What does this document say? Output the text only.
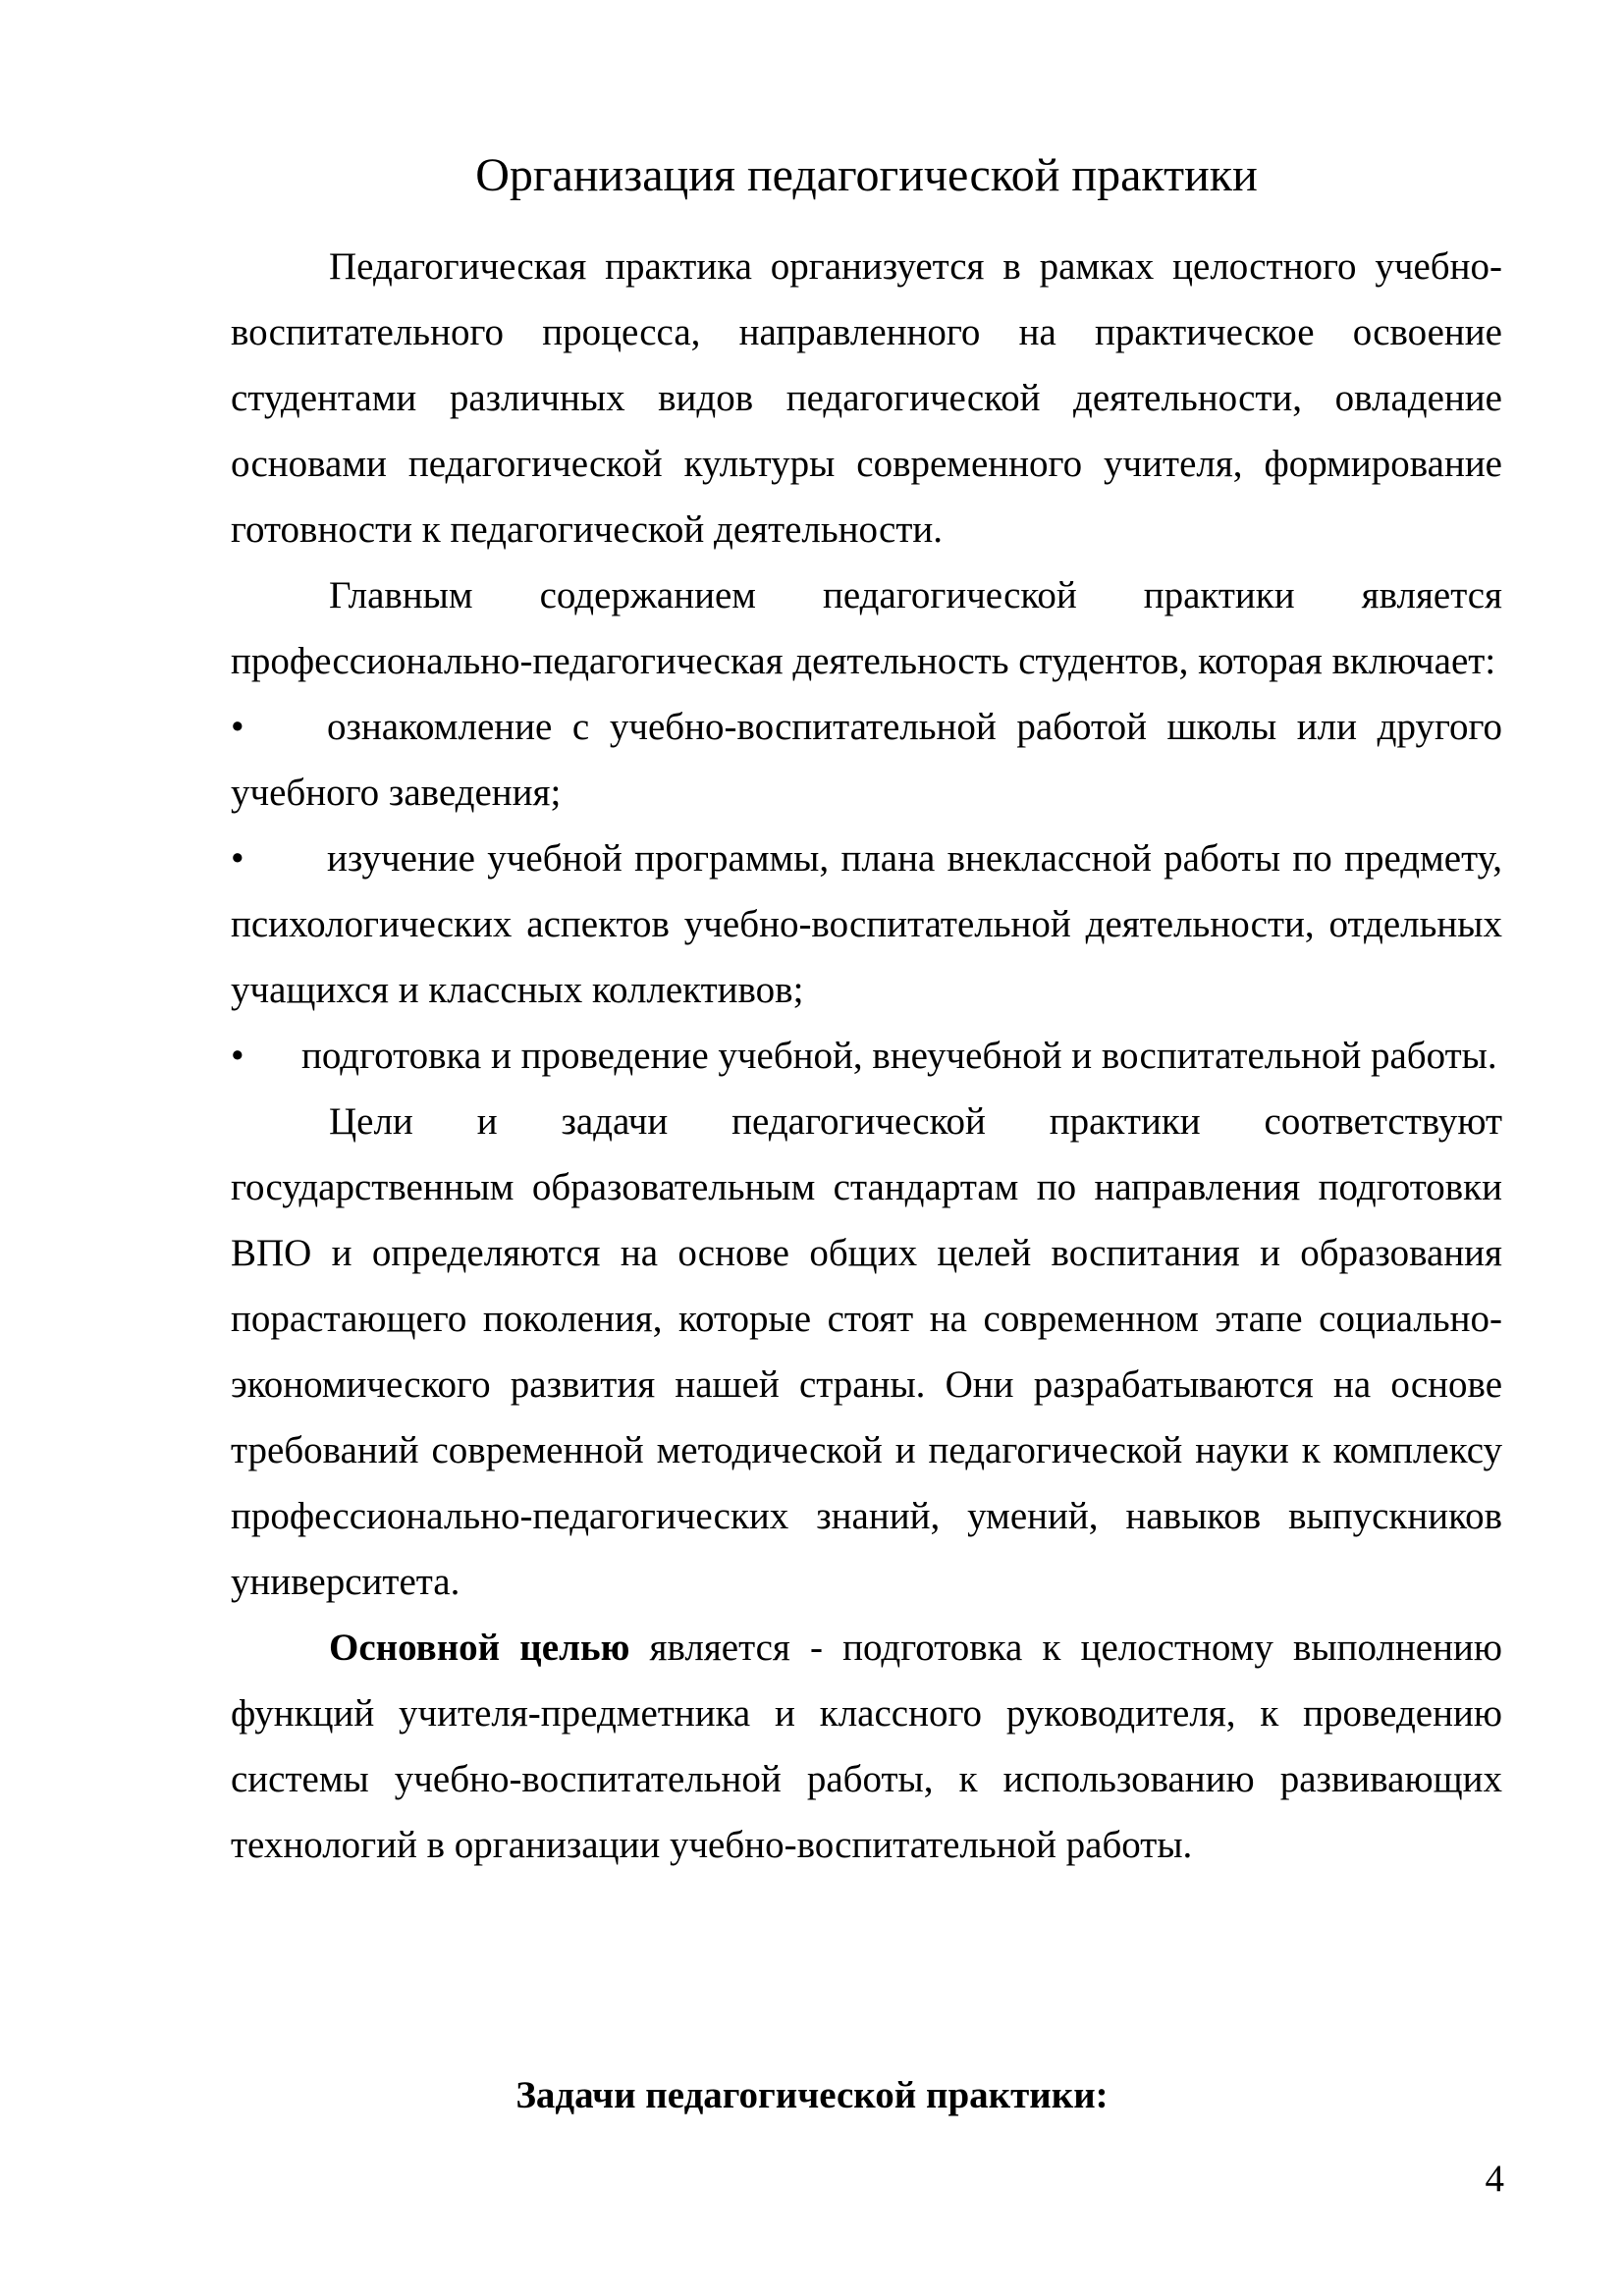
Организация педагогической практики

Педагогическая практика организуется в рамках целостного учебно-воспитательного процесса, направленного на практическое освоение студентами различных видов педагогической деятельности, овладение основами педагогической культуры современного учителя, формирование готовности к педагогической деятельности.

Главным содержанием педагогической практики является профессионально-педагогическая деятельность студентов, которая включает:

• ознакомление с учебно-воспитательной работой школы или другого учебного заведения;

• изучение учебной программы, плана внеклассной работы по предмету, психологических аспектов учебно-воспитательной деятельности, отдельных учащихся и классных коллективов;

• подготовка и проведение учебной, внеучебной и воспитательной работы.

Цели и задачи педагогической практики соответствуют государственным образовательным стандартам по направления подготовки ВПО и определяются на основе общих целей воспитания и образования порастающего поколения, которые стоят на современном этапе социально-экономического развития нашей страны. Они разрабатываются на основе требований современной методической и педагогической науки к комплексу профессионально-педагогических знаний, умений, навыков выпускников университета.

Основной целью является - подготовка к целостному выполнению функций учителя-предметника и классного руководителя, к проведению системы учебно-воспитательной работы, к использованию развивающих технологий в организации учебно-воспитательной работы.

Задачи педагогической практики:

4
